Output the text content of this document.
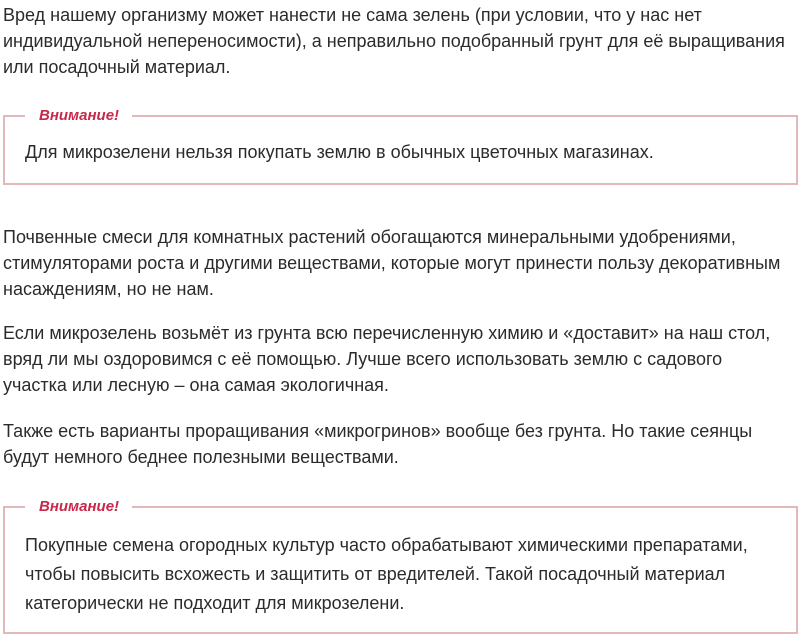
Вред нашему организму может нанести не сама зелень (при условии, что у нас нет
индивидуальной непереносимости), а неправильно подобранный грунт для её выращивания
или посадочный материал.

Внимание!

Для микрозелени нельзя покупать землю в обычных цветочных магазинах.

Почвенные смеси для комнатных растений обогащаются минеральными удобрениями,
стимуляторами роста и другими веществами, которые могут принести пользу декоративным
насаждениям, но не нам.

Если микрозелень возьмёт из грунта всю перечисленную химию и «доставит» на наш стол,
вряд ли мы оздоровимся с её помощью. Лучше всего использовать землю с садового
участка или лесную – она самая экологичная.

Также есть варианты проращивания «микрогринов» вообще без грунта. Но такие сеянцы
будут немного беднее полезными веществами.

Внимание!

Покупные семена огородных культур часто обрабатывают химическими препаратами,
чтобы повысить всхожесть и защитить от вредителей. Такой посадочный материал
категорически не подходит для микрозелени.
